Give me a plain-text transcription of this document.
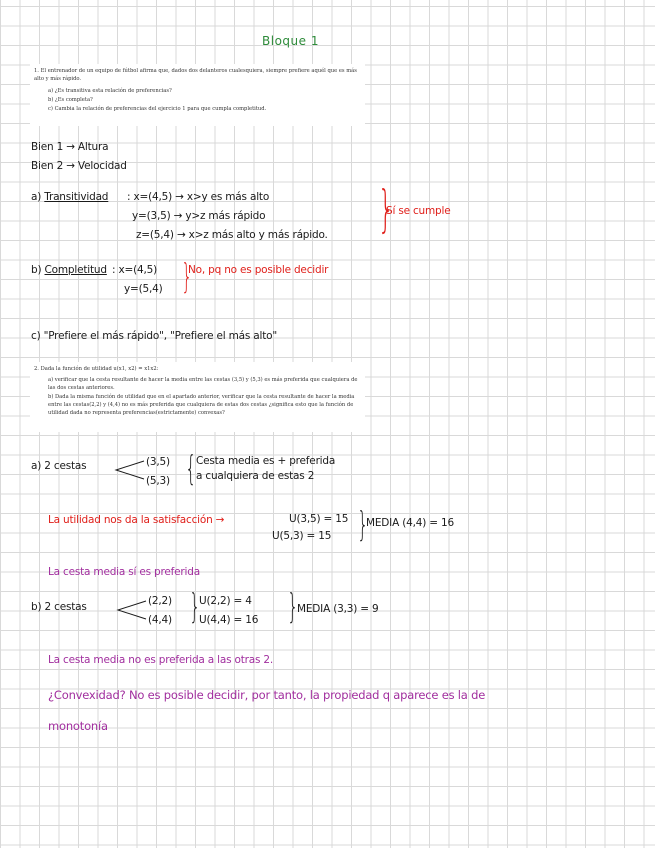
Bloque 1

1. El entrenador de un equipo de fútbol afirma que, dados dos delanteros cualesquiera, siempre prefiere aquél que es más alto y más rápido.

a) ¿Es transitiva esta relación de preferencias?

b) ¿Es completa?

c) Cambia la relación de preferencias del ejercicio 1 para que cumpla completitud.

Bien 1 → Altura
Bien 2 → Velocidad
a) Transitividad : x=(4,5) → x>y es más alto
y=(3,5) → y>z más rápido
z=(5,4) → x>z más alto y más rápido. }
Sí se cumple
b) Completitud : x=(4,5)
y=(5,4) }
No, pq no es posible decidir
c) "Prefiere el más rápido", "Prefiere el más alto"

2. Dada la función de utilidad u(x1, x2) = x1x2:

a) verificar que la cesta resultante de hacer la media entre las cestas (3,5) y (5,3) es más preferida que cualquiera de las dos cestas anteriores.

b) Dada la misma función de utilidad que en el apartado anterior, verificar que la cesta resultante de hacer la media entre las cestas(2,2) y (4,4) no es más preferida que cualquiera de estas dos cestas ¿significa esto que la función de utilidad dada no representa preferencias(estrictamente) convexas?

a) 2 cestas	(3,5)
(5,3) { Cesta media es + preferida
a cualquiera de estas 2
La utilidad nos da la satisfacción →	U(3,5) = 15
U(5,3) = 15 }
MEDIA (4,4) = 16
La cesta media sí es preferida
b) 2 cestas	(2,2)
(4,4) }
U(2,2) = 4
U(4,4) = 16 }
MEDIA (3,3) = 9
La cesta media no es preferida a las otras 2.
¿Convexidad? No es posible decidir, por tanto, la propiedad q aparece es la de
monotonía
